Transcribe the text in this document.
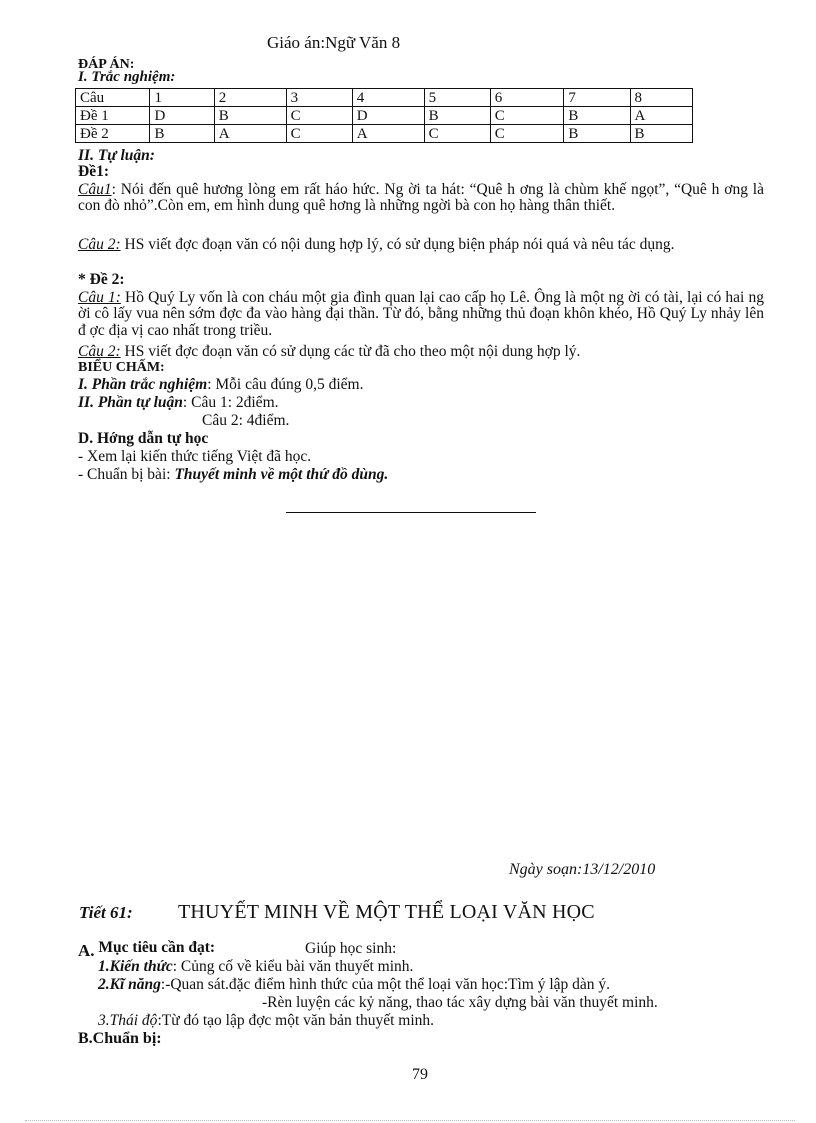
Giáo án:Ngữ Văn 8
ĐÁP ÁN:
I. Trắc nghiệm:
Câu	1	2	3	4	5	6	7	8
Đề 1	D	B	C	D	B	C	B	A
Đề 2	B	A	C	A	C	C	B	B
II. Tự luận:
Đề1:
Câu1: Nói đến quê hương lòng em rất háo hức. Ng ời ta hát: “Quê h ơng là chùm khế ngọt”, “Quê h ơng là con đò nhỏ”.Còn em, em hình dung quê hơng là những ngời bà con họ hàng thân thiết.
Câu 2: HS viết đợc đoạn văn có nội dung hợp lý, có sử dụng biện pháp nói quá và nêu tác dụng.
* Đề 2:
Câu 1: Hồ Quý Ly vốn là con cháu một gia đình quan lại cao cấp họ Lê. Ông là một ng ời có tài, lại có hai ng ời cô lấy vua nên sớm đợc đa vào hàng đại thần. Từ đó, bằng những thủ đoạn khôn khéo, Hồ Quý Ly nhảy lên đ ợc địa vị cao nhất trong triều.
Câu 2: HS viết đợc đoạn văn có sử dụng các từ đã cho theo một nội dung hợp lý.
BIỂU CHẤM:
I. Phần trắc nghiệm: Mỗi câu đúng 0,5 điểm.
II. Phần tự luận: Câu 1: 2điểm.
Câu 2: 4điểm.
D. Hớng dẫn tự học
- Xem lại kiến thức tiếng Việt đã học.
- Chuẩn bị bài: Thuyết minh về một thứ đồ dùng.
Ngày soạn:13/12/2010
Tiết 61: THUYẾT MINH VỀ MỘT THỂ LOẠI VĂN HỌC
A. Mục tiêu cần đạt:	Giúp học sinh:
1.Kiến thức: Củng cố về kiểu bài văn thuyết minh.
2.Kĩ năng:-Quan sát.đặc điểm hình thức của một thể loại văn học:Tìm ý lập dàn ý.
-Rèn luyện các kỷ năng, thao tác xây dựng bài văn thuyết minh.
3.Thái độ:Từ đó tạo lập đợc một văn bản thuyết minh.
B.Chuẩn bị:
79
